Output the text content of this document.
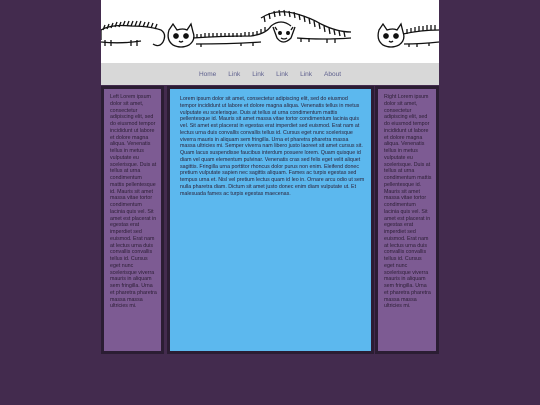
Home	Link	Link	Link	Link	About
Left Lorem ipsum dolor sit amet, consectetur adipiscing elit, sed do eiusmod tempor incididunt ut labore et dolore magna aliqua. Venenatis tellus in metus vulputate eu scelerisque. Duis at tellus at urna condimentum mattis pellentesque id. Mauris sit amet massa vitae tortor condimentum lacinia quis vel. Sit amet est placerat in egestas erat imperdiet sed euismod. Erat nam at lectus urna duis convallis convallis tellus id. Cursus eget nunc scelerisque viverra mauris in aliquam sem fringilla. Urna et pharetra pharetra massa massa ultricies mi.
Lorem ipsum dolor sit amet, consectetur adipiscing elit, sed do eiusmod tempor incididunt ut labore et dolore magna aliqua. Venenatis tellus in metus vulputate eu scelerisque. Duis at tellus at urna condimentum mattis pellentesque id. Mauris sit amet massa vitae tortor condimentum lacinia quis vel. Sit amet est placerat in egestas erat imperdiet sed euismod. Erat nam at lectus urna duis convallis convallis tellus id. Cursus eget nunc scelerisque viverra mauris in aliquam sem fringilla. Urna et pharetra pharetra massa massa ultricies mi. Semper viverra nam libero justo laoreet sit amet cursus sit. Quam lacus suspendisse faucibus interdum posuere lorem. Quam quisque id diam vel quam elementum pulvinar. Venenatis cras sed felis eget velit aliquet sagittis. Fringilla urna porttitor rhoncus dolor purus non enim. Eleifend donec pretium vulputate sapien nec sagittis aliquam. Fames ac turpis egestas sed tempus urna et. Nisl vel pretium lectus quam id leo in. Ornare arcu odio ut sem nulla pharetra diam. Dictum sit amet justo donec enim diam vulputate ut. Et malesuada fames ac turpis egestas maecenas.
Right Lorem ipsum dolor sit amet, consectetur adipiscing elit, sed do eiusmod tempor incididunt ut labore et dolore magna aliqua. Venenatis tellus in metus vulputate eu scelerisque. Duis at tellus at urna condimentum mattis pellentesque id. Mauris sit amet massa vitae tortor condimentum lacinia quis vel. Sit amet est placerat in egestas erat imperdiet sed euismod. Erat nam at lectus urna duis convallis convallis tellus id. Cursus eget nunc scelerisque viverra mauris in aliquam sem fringilla. Urna et pharetra pharetra massa massa ultricies mi.
